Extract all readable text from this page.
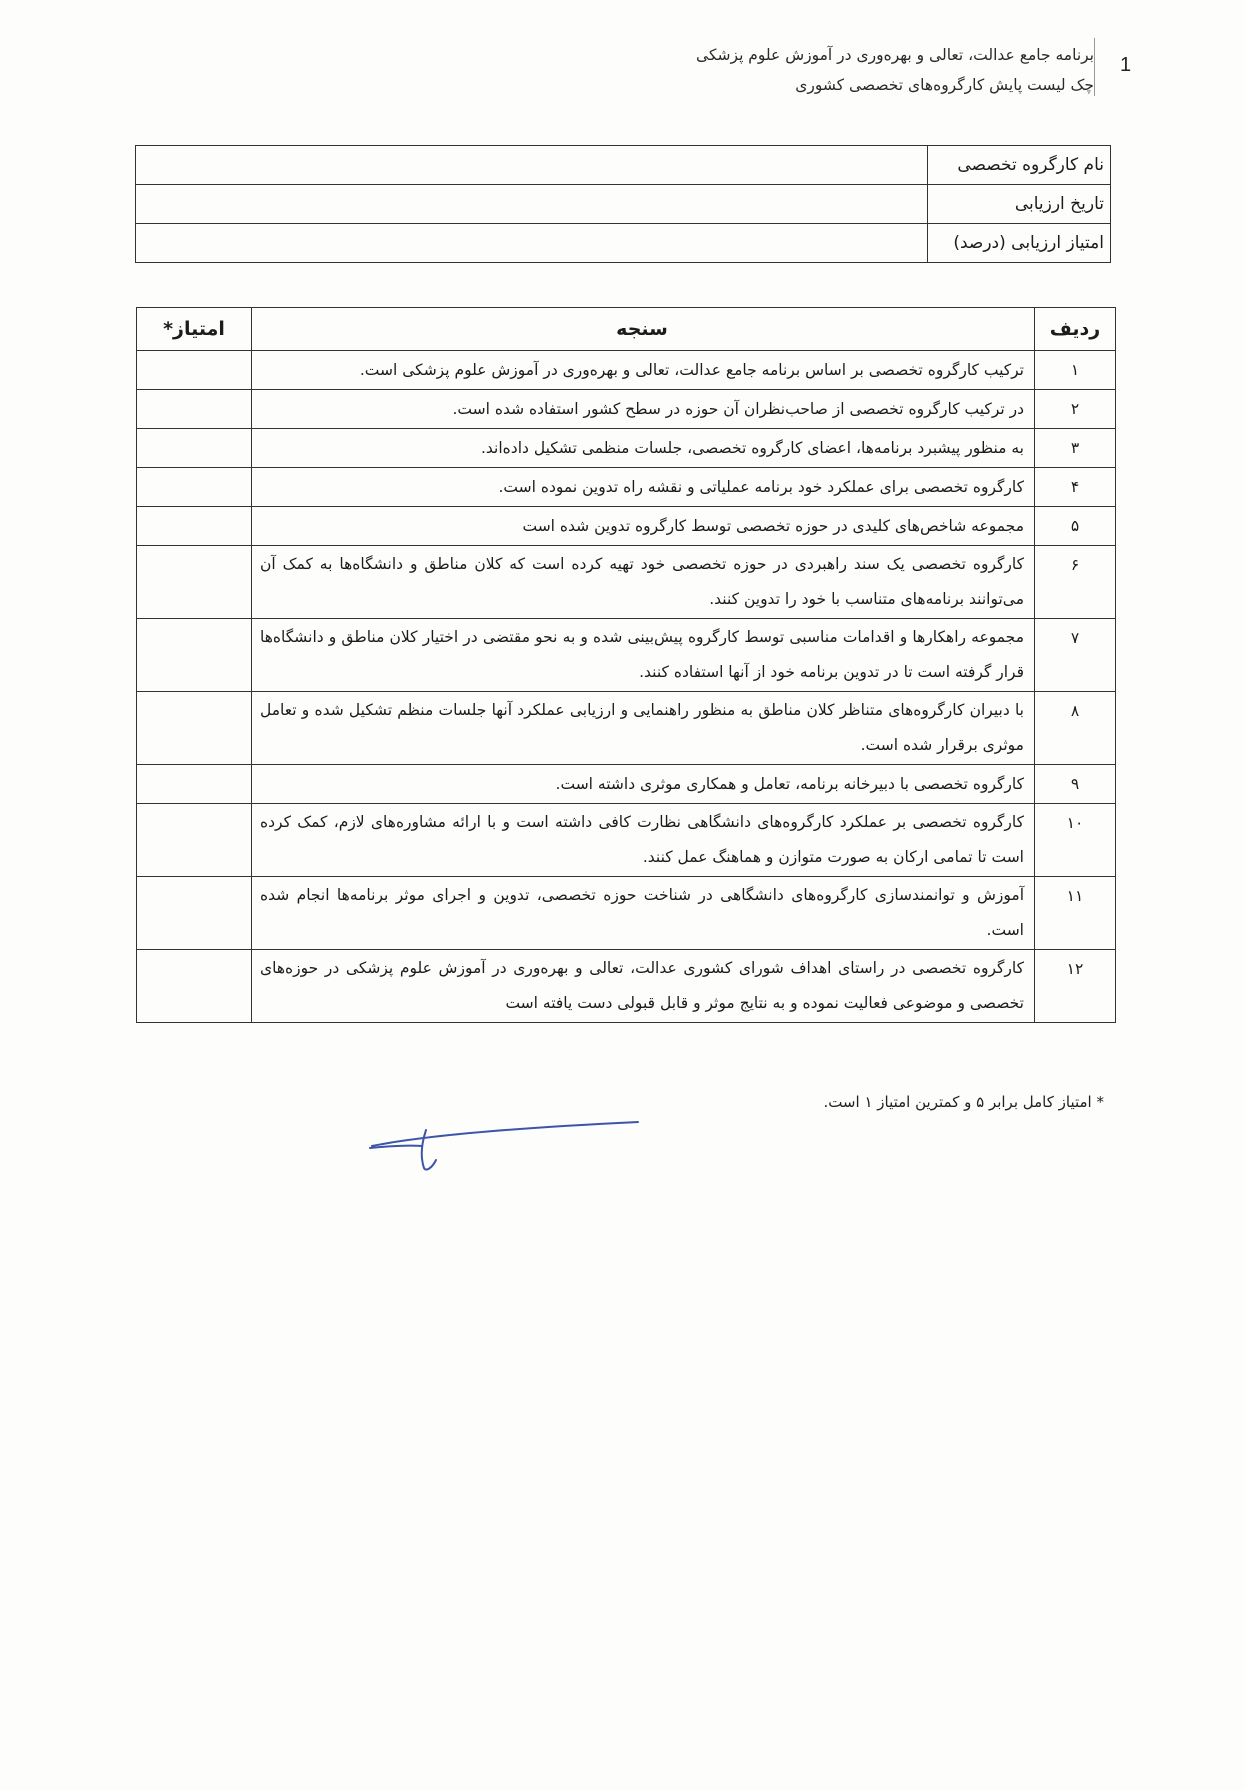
1
برنامه جامع عدالت، تعالی و بهره‌وری در آموزش علوم پزشکی
چک لیست پایش کارگروه‌های تخصصی کشوری
نام کارگروه تخصصی	
تاریخ ارزیابی	
امتیاز ارزیابی (درصد)	
ردیف	سنجه	امتیاز*
۱	ترکیب کارگروه تخصصی بر اساس برنامه جامع عدالت، تعالی و بهره‌وری در آموزش علوم پزشکی است.	
۲	در ترکیب کارگروه تخصصی از صاحب‌نظران آن حوزه در سطح کشور استفاده شده است.	
۳	به منظور پیشبرد برنامه‌ها، اعضای کارگروه تخصصی، جلسات منظمی تشکیل داده‌اند.	
۴	کارگروه تخصصی برای عملکرد خود برنامه عملیاتی و نقشه راه تدوین نموده است.	
۵	مجموعه شاخص‌های کلیدی در حوزه تخصصی توسط کارگروه تدوین شده است	
۶	کارگروه تخصصی یک سند راهبردی در حوزه تخصصی خود تهیه کرده است که کلان مناطق و دانشگاه‌ها به کمک آن می‌توانند برنامه‌های متناسب با خود را تدوین کنند.	
۷	مجموعه راهکارها و اقدامات مناسبی توسط کارگروه پیش‌بینی شده و به نحو مقتضی در اختیار کلان مناطق و دانشگاه‌ها قرار گرفته است تا در تدوین برنامه خود از آنها استفاده کنند.	
۸	با دبیران کارگروه‌های متناظر کلان مناطق به منظور راهنمایی و ارزیابی عملکرد آنها جلسات منظم تشکیل شده و تعامل موثری برقرار شده است.	
۹	کارگروه تخصصی با دبیرخانه برنامه، تعامل و همکاری موثری داشته است.	
۱۰	کارگروه تخصصی بر عملکرد کارگروه‌های دانشگاهی نظارت کافی داشته است و با ارائه مشاوره‌های لازم، کمک کرده است تا تمامی ارکان به صورت متوازن و هماهنگ عمل کنند.	
۱۱	آموزش و توانمندسازی کارگروه‌های دانشگاهی در شناخت حوزه تخصصی، تدوین و اجرای موثر برنامه‌ها انجام شده است.	
۱۲	کارگروه تخصصی در راستای اهداف شورای کشوری عدالت، تعالی و بهره‌وری در آموزش علوم پزشکی در حوزه‌های تخصصی و موضوعی فعالیت نموده و به نتایج موثر و قابل قبولی دست یافته است	
* امتیاز کامل برابر ۵ و کمترین امتیاز ۱ است.
